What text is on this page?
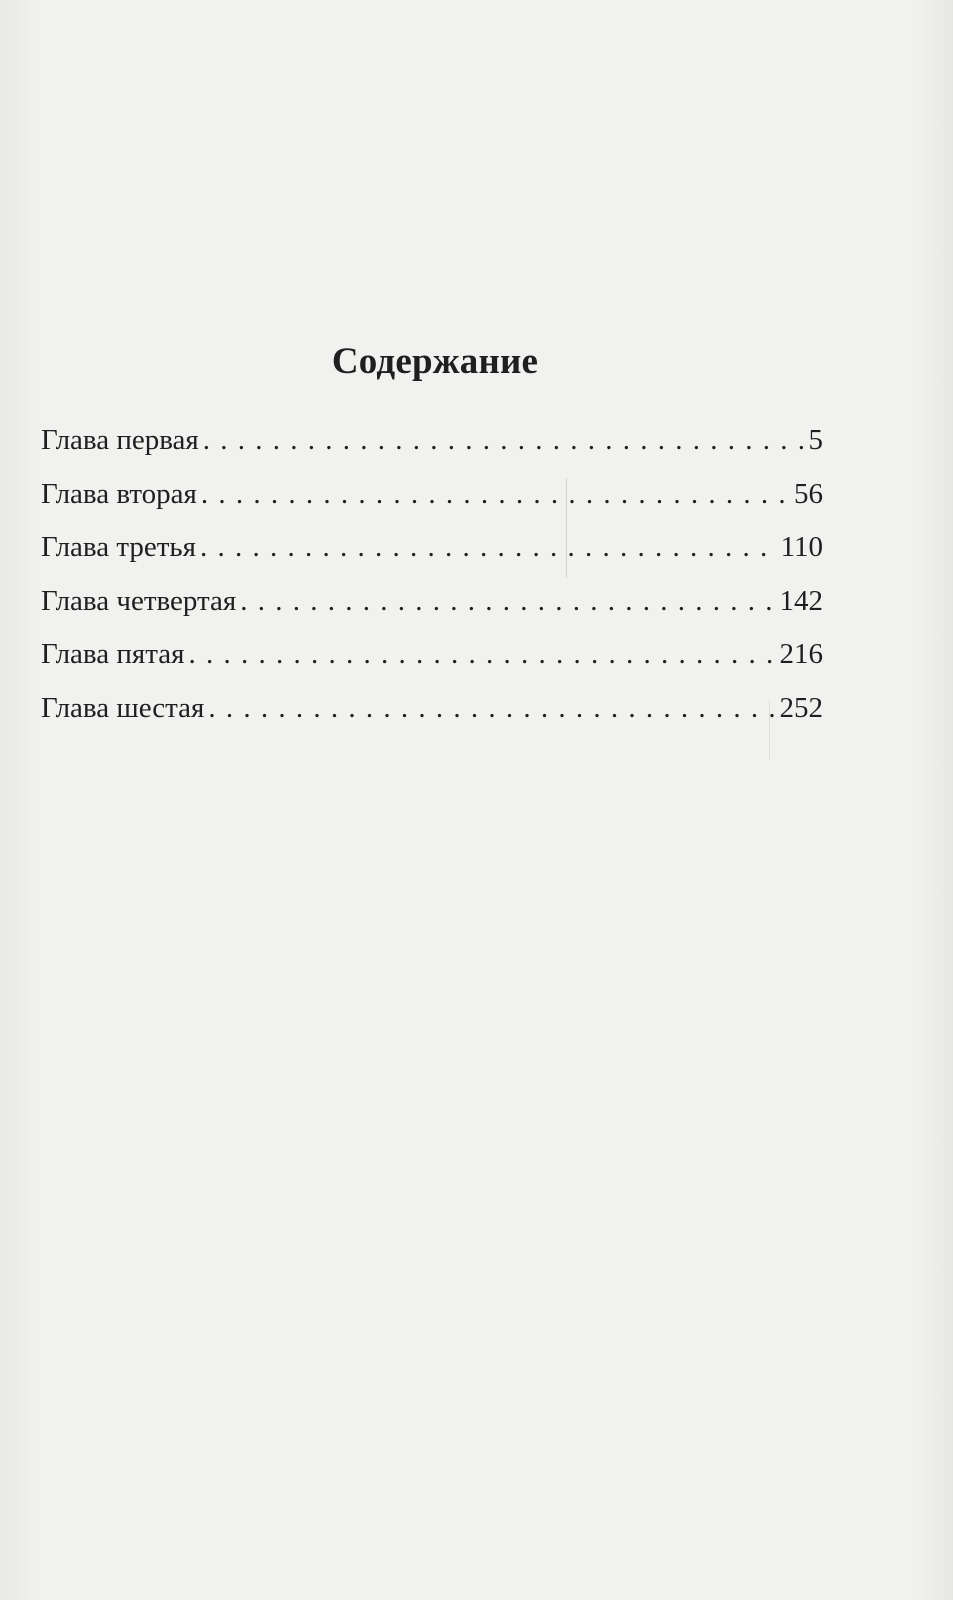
Содержание
Глава первая . . .	5
Глава вторая . . .	56
Глава третья . . .	110
Глава четвертая . . .	142
Глава пятая . . .	216
Глава шестая . . .	252
